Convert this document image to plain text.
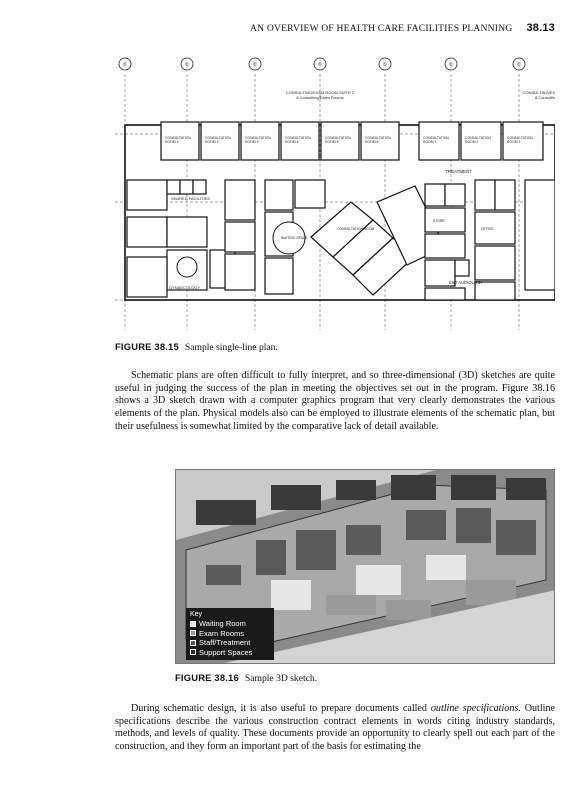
AN OVERVIEW OF HEALTH CARE FACILITIES PLANNING 38.13
①	①	①	①	①	①	①
CONSULTING/EXAM ROOM SUITE 2
8 Consulting/Exam Rooms
CONSULTING/EX
8 Consultin
CONSULTATION
ROOM 1
CONSULTATION
ROOM 2
CONSULTATION
ROOM 3
CONSULTATION
ROOM 4
CONSULTATION
ROOM 5
CONSULTATION
ROOM 6
CONSULTATION
ROOM 1
CONSULTATION
ROOM 2
CONSULTATION
ROOM 3
TREATMENT
SHARED FACILITIES
GYNAECOLOGY
CONSULTATION ROOM
WAITING SPACE
STORE
OFFICE
ENT AUDIOLOGY
FIGURE 38.15 Sample single-line plan.

Schematic plans are often difficult to fully interpret, and so three-dimensional (3D) sketches are quite useful in judging the success of the plan in meeting the objectives set out in the program. Figure 38.16 shows a 3D sketch drawn with a computer graphics program that very clearly demonstrates the various elements of the plan. Physical models also can be employed to illustrate elements of the schematic plan, but their usefulness is somewhat limited by the comparative lack of detail available.

Key
Waiting Room
Exam Rooms
Staff/Treatment
Support Spaces
FIGURE 38.16 Sample 3D sketch.

During schematic design, it is also useful to prepare documents called outline specifications. Outline specifications describe the various construction contract elements in words citing industry standards, methods, and levels of quality. These documents provide an opportunity to clearly spell out each part of the construction, and they form an important part of the basis for estimating the
